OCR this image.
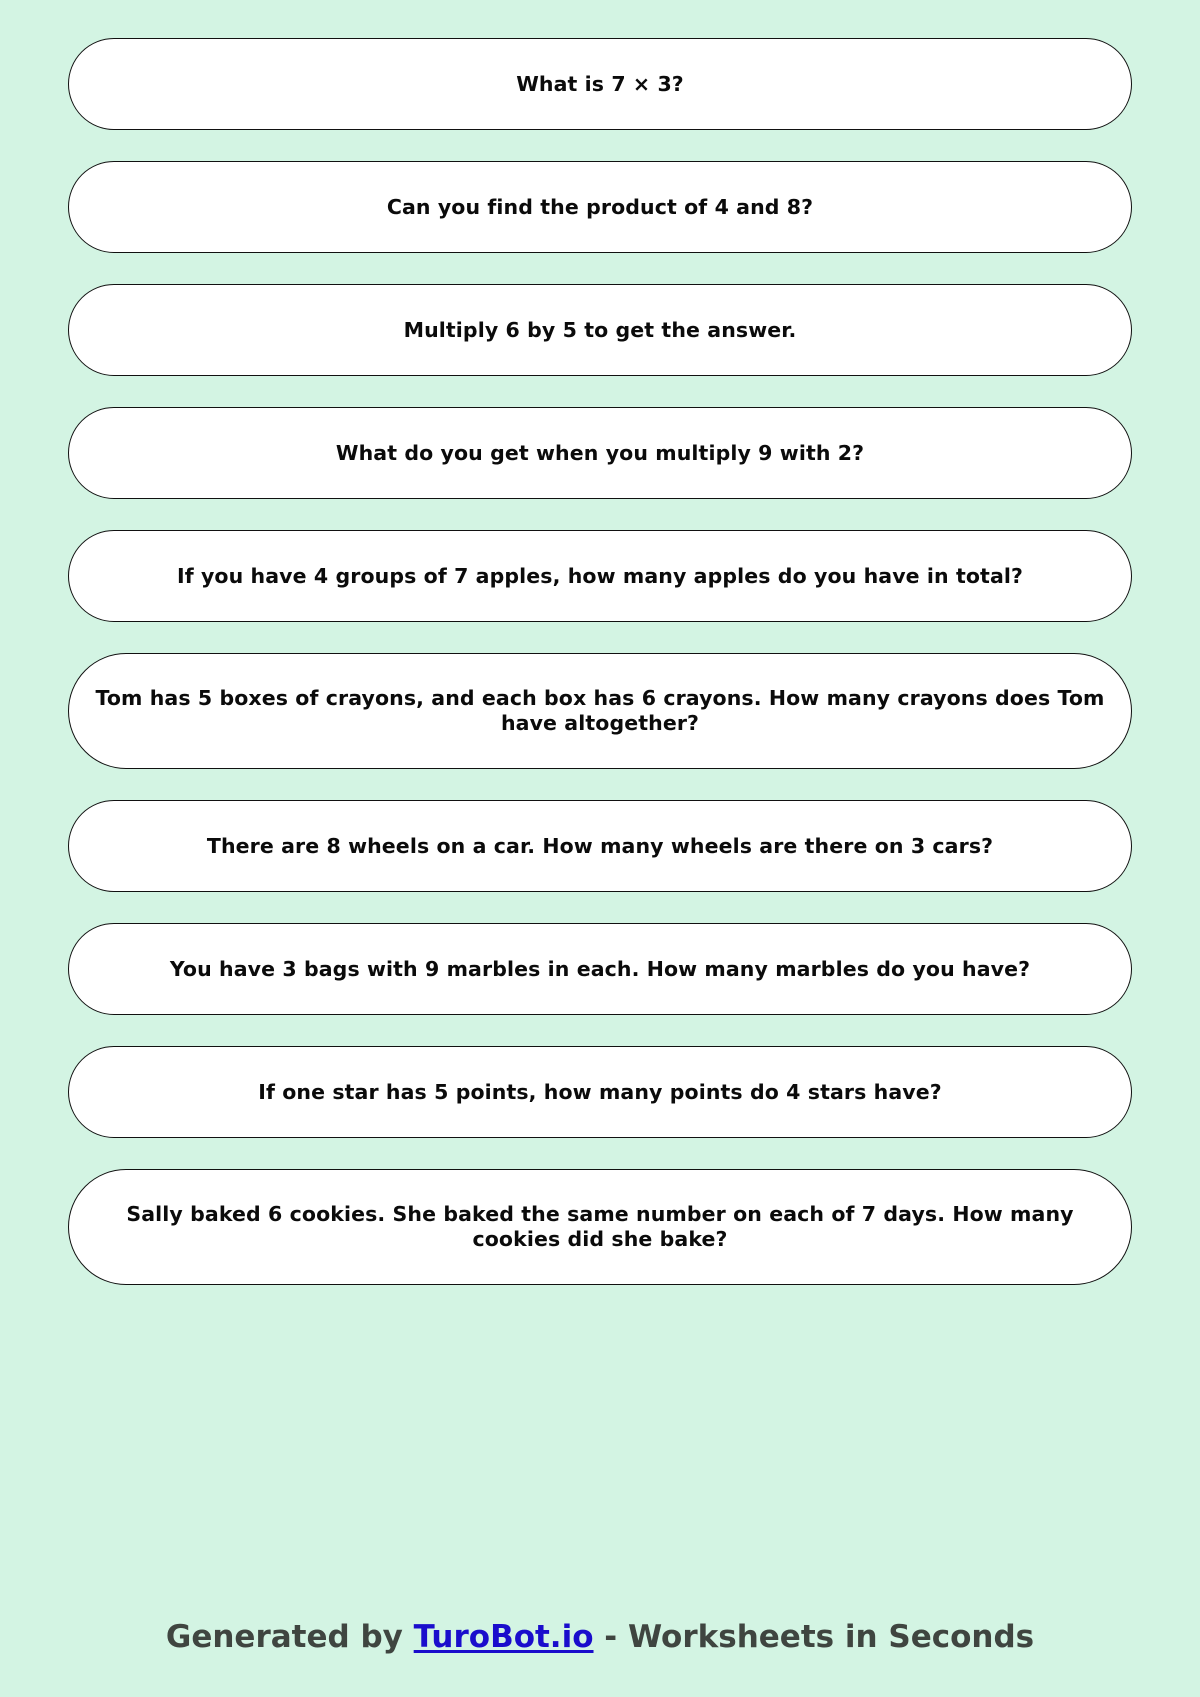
What is 7 × 3?
Can you find the product of 4 and 8?
Multiply 6 by 5 to get the answer.
What do you get when you multiply 9 with 2?
If you have 4 groups of 7 apples, how many apples do you have in total?
Tom has 5 boxes of crayons, and each box has 6 crayons. How many crayons does Tom have altogether?
There are 8 wheels on a car. How many wheels are there on 3 cars?
You have 3 bags with 9 marbles in each. How many marbles do you have?
If one star has 5 points, how many points do 4 stars have?
Sally baked 6 cookies. She baked the same number on each of 7 days. How many cookies did she bake?
Generated by TuroBot.io - Worksheets in Seconds
